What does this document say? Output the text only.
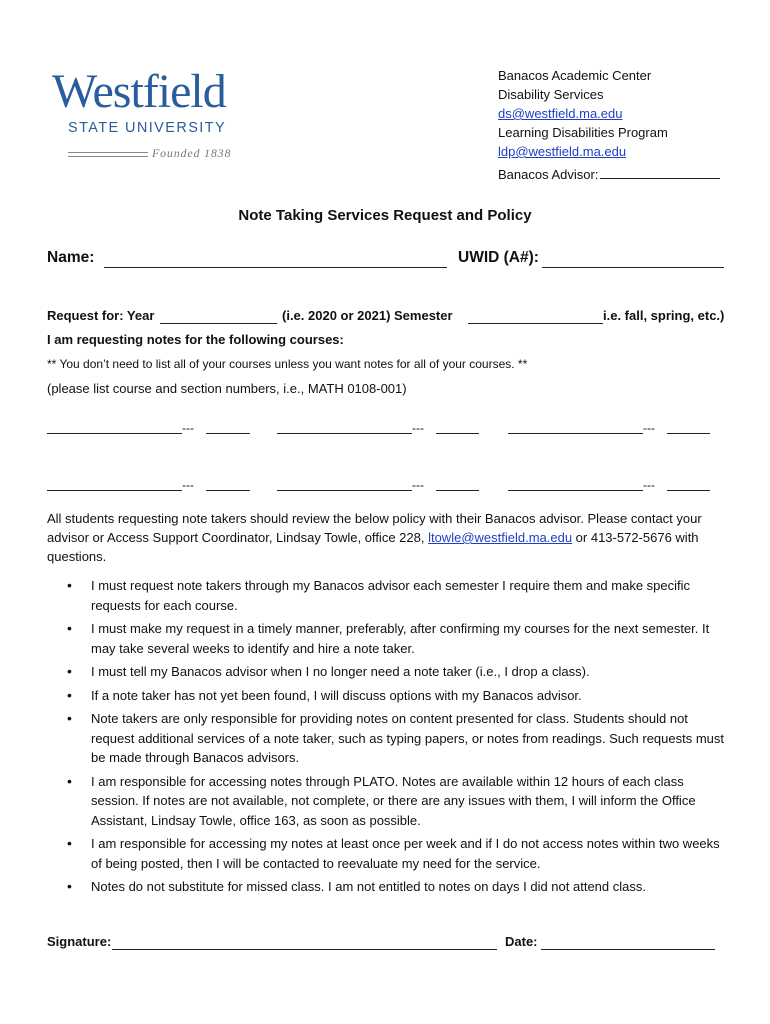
Westfield
STATE UNIVERSITY
Founded 1838
Banacos Academic Center
Disability Services
ds@westfield.ma.edu
Learning Disabilities Program
ldp@westfield.ma.edu
Banacos Advisor:
Note Taking Services Request and Policy
Name:	UWID (A#):
Request for: Year	(i.e. 2020 or 2021) Semester	i.e. fall, spring, etc.)
I am requesting notes for the following courses:
** You don’t need to list all of your courses unless you want notes for all of your courses. **
(please list course and section numbers, i.e., MATH 0108-001)
---	---	---
---	---	---
All students requesting note takers should review the below policy with their Banacos advisor. Please contact your advisor or Access Support Coordinator, Lindsay Towle, office 228, ltowle@westfield.ma.edu or 413-572-5676 with questions.
• I must request note takers through my Banacos advisor each semester I require them and make specific requests for each course.
• I must make my request in a timely manner, preferably, after confirming my courses for the next semester. It may take several weeks to identify and hire a note taker.
• I must tell my Banacos advisor when I no longer need a note taker (i.e., I drop a class).
• If a note taker has not yet been found, I will discuss options with my Banacos advisor.
• Note takers are only responsible for providing notes on content presented for class. Students should not request additional services of a note taker, such as typing papers, or notes from readings. Such requests must be made through Banacos advisors.
• I am responsible for accessing notes through PLATO. Notes are available within 12 hours of each class session. If notes are not available, not complete, or there are any issues with them, I will inform the Office Assistant, Lindsay Towle, office 163, as soon as possible.
• I am responsible for accessing my notes at least once per week and if I do not access notes within two weeks of being posted, then I will be contacted to reevaluate my need for the service.
• Notes do not substitute for missed class. I am not entitled to notes on days I did not attend class.
Signature:	Date:
